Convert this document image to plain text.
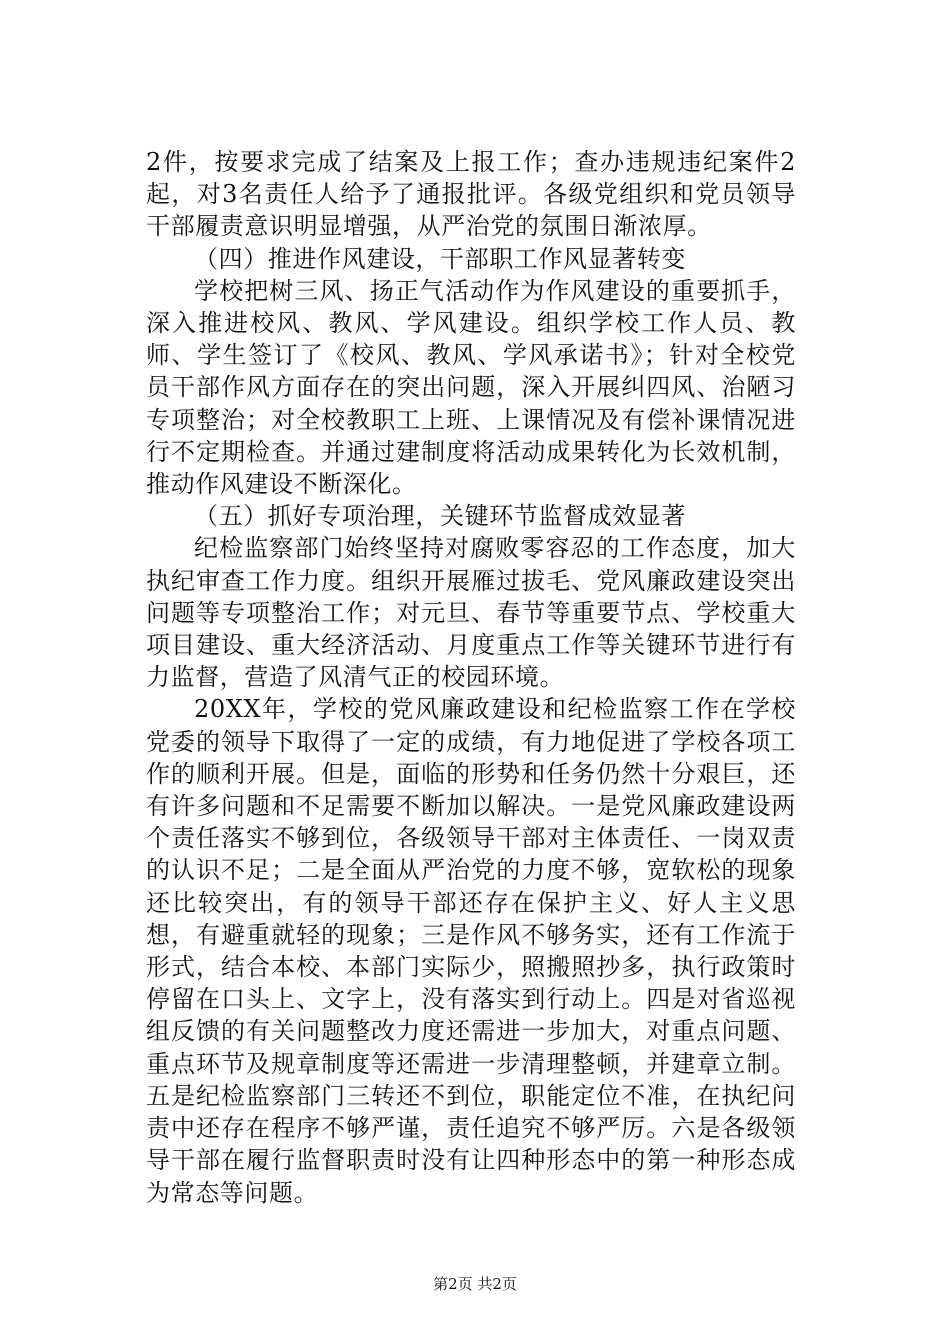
2件，按要求完成了结案及上报工作；查办违规违纪案件2起，对3名责任人给予了通报批评。各级党组织和党员领导干部履责意识明显增强，从严治党的氛围日渐浓厚。

（四）推进作风建设，干部职工作风显著转变

学校把树三风、扬正气活动作为作风建设的重要抓手，深入推进校风、教风、学风建设。组织学校工作人员、教师、学生签订了《校风、教风、学风承诺书》；针对全校党员干部作风方面存在的突出问题，深入开展纠四风、治陋习专项整治；对全校教职工上班、上课情况及有偿补课情况进行不定期检查。并通过建制度将活动成果转化为长效机制，推动作风建设不断深化。

（五）抓好专项治理，关键环节监督成效显著

纪检监察部门始终坚持对腐败零容忍的工作态度，加大执纪审查工作力度。组织开展雁过拔毛、党风廉政建设突出问题等专项整治工作；对元旦、春节等重要节点、学校重大项目建设、重大经济活动、月度重点工作等关键环节进行有力监督，营造了风清气正的校园环境。

20XX年，学校的党风廉政建设和纪检监察工作在学校党委的领导下取得了一定的成绩，有力地促进了学校各项工作的顺利开展。但是，面临的形势和任务仍然十分艰巨，还有许多问题和不足需要不断加以解决。一是党风廉政建设两个责任落实不够到位，各级领导干部对主体责任、一岗双责的认识不足；二是全面从严治党的力度不够，宽软松的现象还比较突出，有的领导干部还存在保护主义、好人主义思想，有避重就轻的现象；三是作风不够务实，还有工作流于形式，结合本校、本部门实际少，照搬照抄多，执行政策时停留在口头上、文字上，没有落实到行动上。四是对省巡视组反馈的有关问题整改力度还需进一步加大，对重点问题、重点环节及规章制度等还需进一步清理整顿，并建章立制。五是纪检监察部门三转还不到位，职能定位不准，在执纪问责中还存在程序不够严谨，责任追究不够严厉。六是各级领导干部在履行监督职责时没有让四种形态中的第一种形态成为常态等问题。

第2页 共2页
